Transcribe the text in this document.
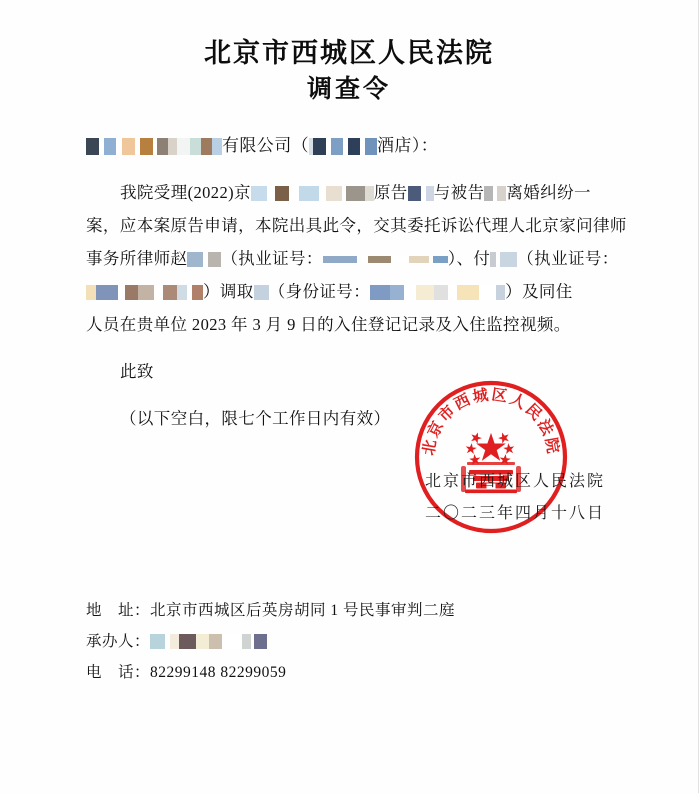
北京市西城区人民法院
调查令
有限公司（	酒店）：
我院受理(2022)京	原告 与被告 离婚纠纷一
案，应本案原告申请，本院出具此令，交其委托诉讼代理人北京家问律师
事务所律师赵 （执业证号：	）、付 （执业证号：
）调取 （身份证号：	）及同住
人员在贵单位 2023 年 3 月 9 日的入住登记记录及入住监控视频。
此致
（以下空白，限七个工作日内有效）
北京市西城区人民法院
北京市西城区人民法院
二〇二三年四月十八日
地　址：北京市西城区后英房胡同 1 号民事审判二庭
承办人：
电　话：82299148 82299059
